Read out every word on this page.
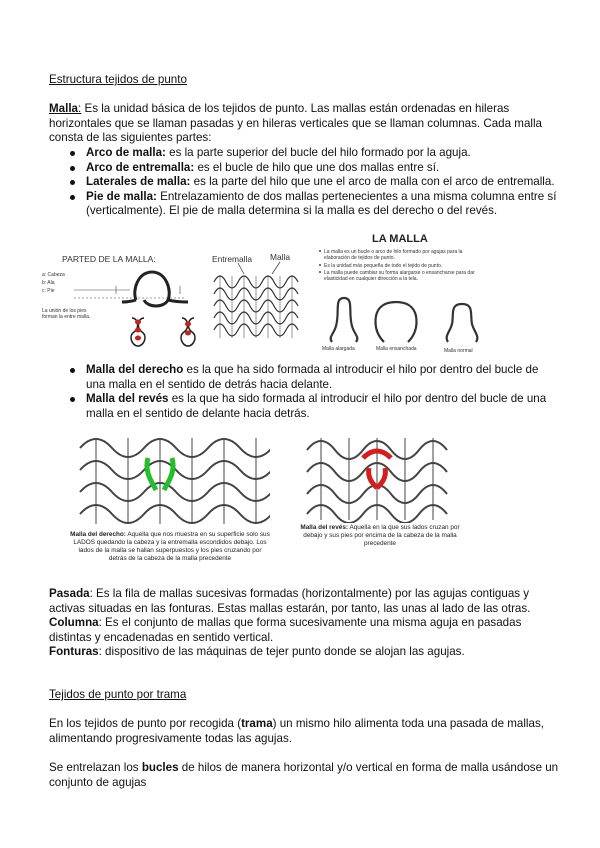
Estructura tejidos de punto

Malla: Es la unidad básica de los tejidos de punto. Las mallas están ordenadas en hileras horizontales que se llaman pasadas y en hileras verticales que se llaman columnas. Cada malla consta de las siguientes partes:

Arco de malla: es la parte superior del bucle del hilo formado por la aguja.
Arco de entremalla: es el bucle de hilo que une dos mallas entre sí.
Laterales de malla: es la parte del hilo que une el arco de malla con el arco de entremalla.
Pie de malla: Entrelazamiento de dos mallas pertenecientes a una misma columna entre sí (verticalmente). El pie de malla determina si la malla es del derecho o del revés.
PARTED DE LA MALLA:
a: Cabeza
b: Ala
c: Pie
La unión de los pies forman la entre malla.
Entremalla Malla
LA MALLA
La malla es un bucle o arco de hilo formado por agujas para la elaboración de tejidos de punto.
Es la unidad más pequeña de todo el tejido de punto.
La malla puede cambiar su forma alargarse o ensancharse para dar elasticidad en cualquier dirección a la tela.
Malla alargada	Malla ensanchada	Malla normal
Malla del derecho es la que ha sido formada al introducir el hilo por dentro del bucle de una malla en el sentido de detrás hacia delante.
Malla del revés es la que ha sido formada al introducir el hilo por dentro del bucle de una malla en el sentido de delante hacia detrás.

Malla del derecho: Aquella que nos muestra en su superficie solo sus LADOS quedando la cabeza y la entremalla escondidos debajo. Los lados de la malla se hallan superpuestos y los pies cruzando por detrás de la cabeza de la malla precedente

Malla del revés: Aquella en la que sus lados cruzan por debajo y sus pies por encima de la cabeza de la malla precedente

Pasada: Es la fila de mallas sucesivas formadas (horizontalmente) por las agujas contiguas y activas situadas en las fonturas. Estas mallas estarán, por tanto, las unas al lado de las otras.

Columna: Es el conjunto de mallas que forma sucesivamente una misma aguja en pasadas distintas y encadenadas en sentido vertical.

Fonturas: dispositivo de las máquinas de tejer punto donde se alojan las agujas.

Tejidos de punto por trama

En los tejidos de punto por recogida (trama) un mismo hilo alimenta toda una pasada de mallas, alimentando progresivamente todas las agujas.

Se entrelazan los bucles de hilos de manera horizontal y/o vertical en forma de malla usándose un conjunto de agujas
